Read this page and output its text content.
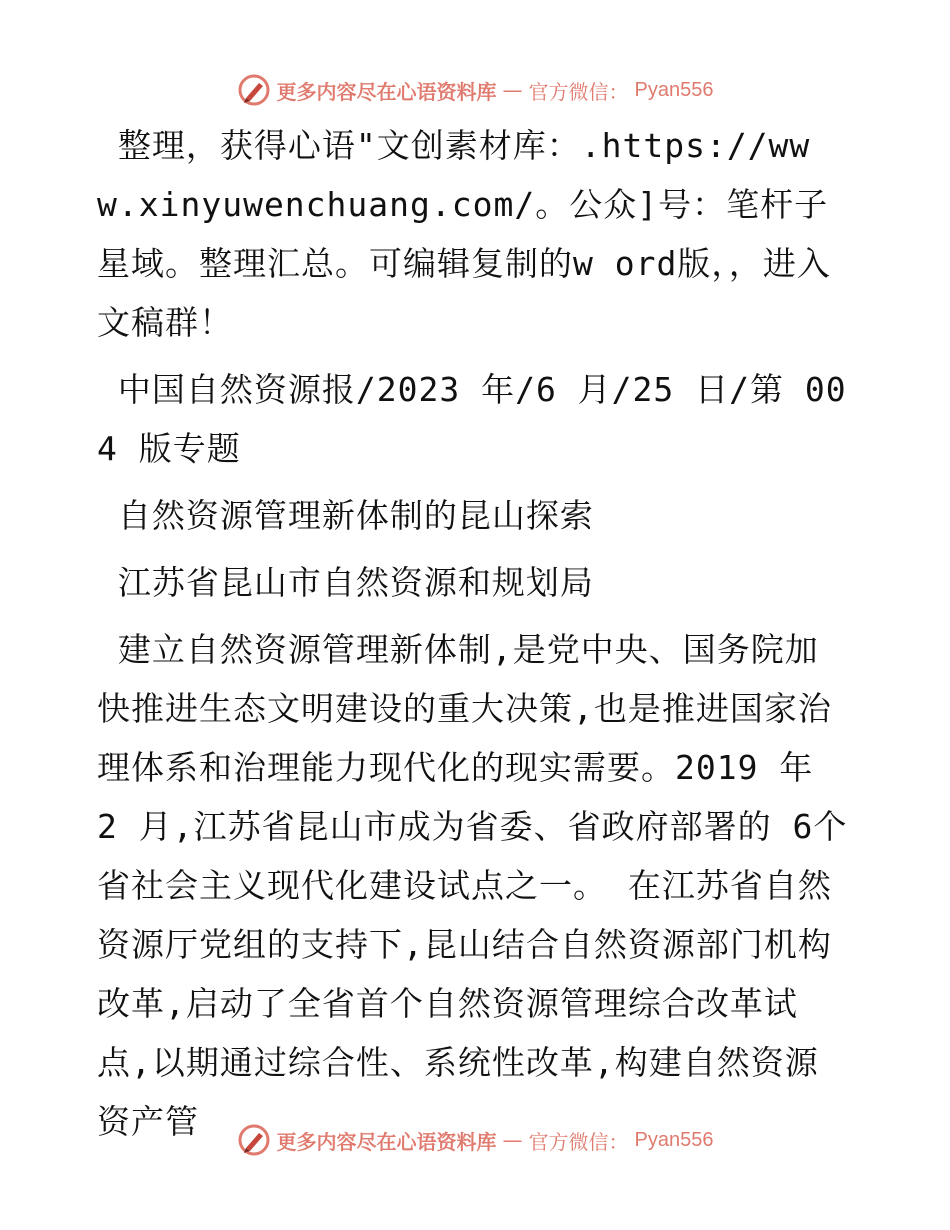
更多内容尽在心语资料库 — 官方微信： Pyan556

整理，获得心语"文创素材库：.https://www.xinyuwenchuang.com/。公众]号：笔杆子星域。整理汇总。可编辑复制的w ord版，，进入文稿群！

中国自然资源报/2023 年/6 月/25 日/第 004 版专题

自然资源管理新体制的昆山探索

江苏省昆山市自然资源和规划局

建立自然资源管理新体制,是党中央、国务院加快推进生态文明建设的重大决策,也是推进国家治理体系和治理能力现代化的现实需要。2019 年 2 月,江苏省昆山市成为省委、省政府部署的 6个省社会主义现代化建设试点之一。 在江苏省自然资源厅党组的支持下,昆山结合自然资源部门机构改革,启动了全省首个自然资源管理综合改革试点,以期通过综合性、系统性改革,构建自然资源资产管

更多内容尽在心语资料库 — 官方微信： Pyan556
